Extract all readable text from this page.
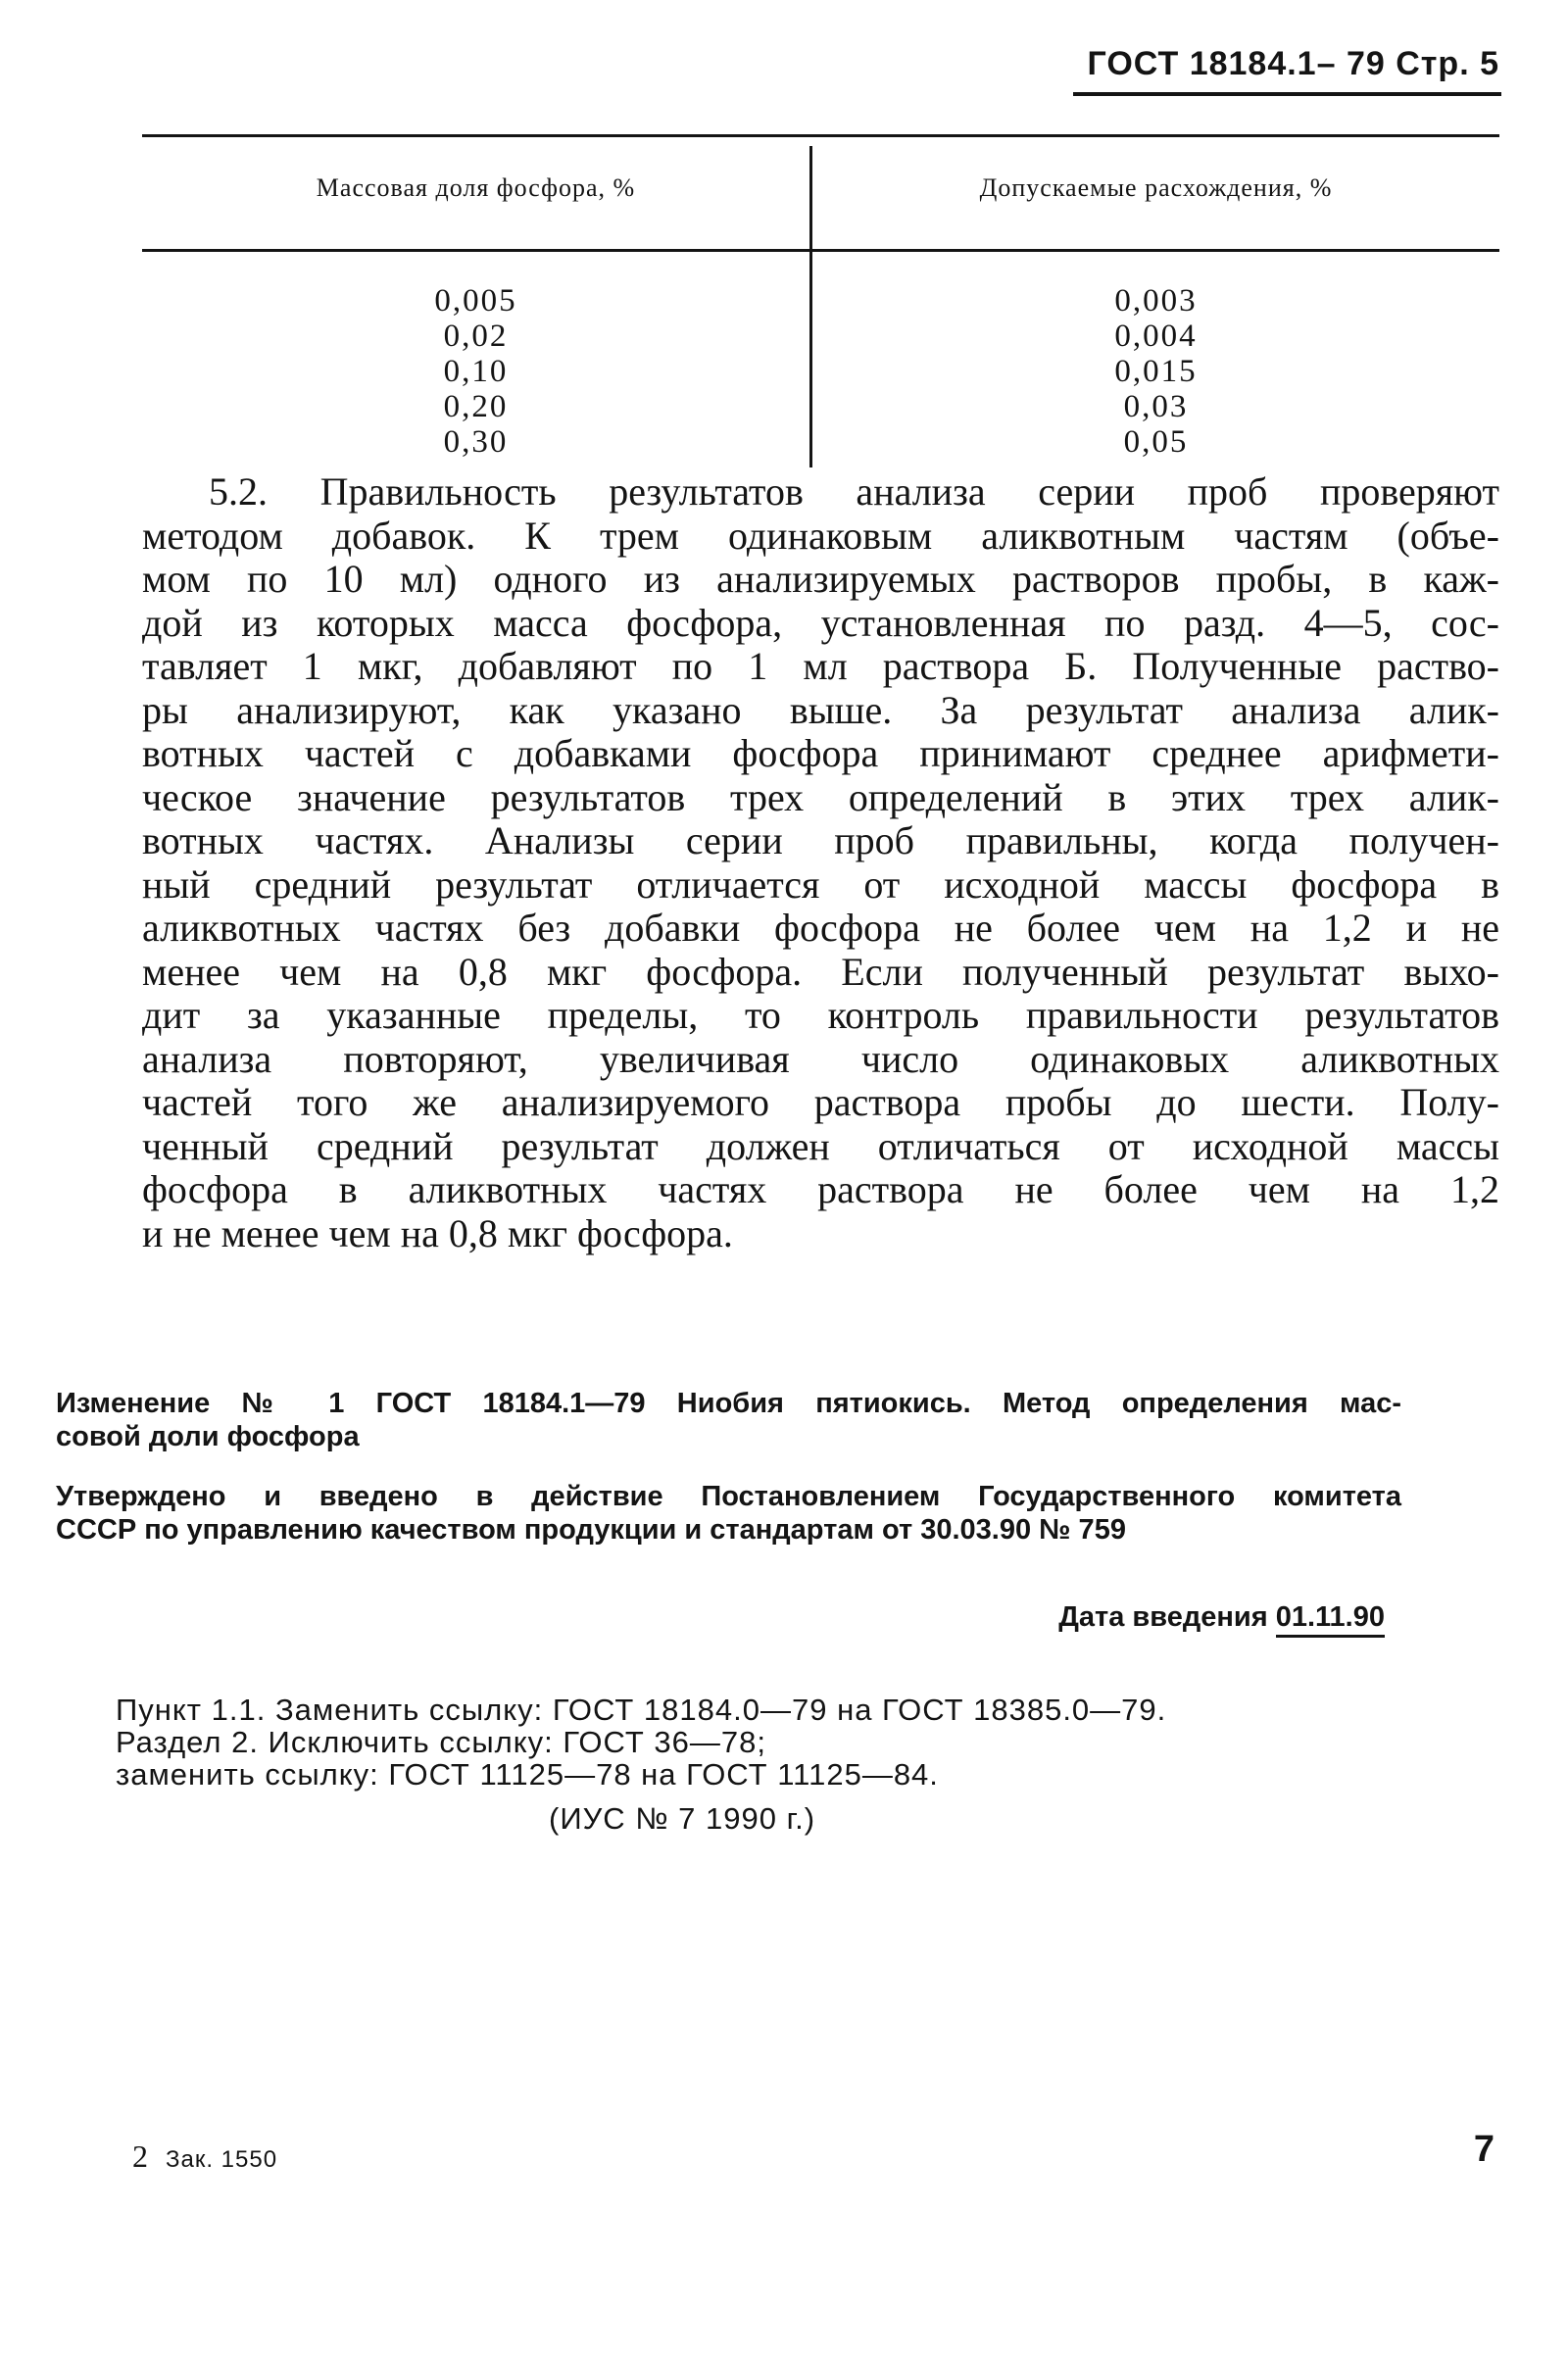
ГОСТ 18184.1– 79 Стр. 5
Массовая доля фосфора, %	Допускаемые расхождения, %
0,005
0,02
0,10
0,20
0,30
0,003
0,004
0,015
0,03
0,05
5.2. Правильность результатов анализа серии проб проверяют
методом добавок. К трем одинаковым аликвотным частям (объе-
мом по 10 мл) одного из анализируемых растворов пробы, в каж-
дой из которых масса фосфора, установленная по разд. 4—5, сос-
тавляет 1 мкг, добавляют по 1 мл раствора Б. Полученные раство-
ры анализируют, как указано выше. За результат анализа алик-
вотных частей с добавками фосфора принимают среднее арифмети-
ческое значение результатов трех определений в этих трех алик-
вотных частях. Анализы серии проб правильны, когда получен-
ный средний результат отличается от исходной массы фосфора в
аликвотных частях без добавки фосфора не более чем на 1,2 и не
менее чем на 0,8 мкг фосфора. Если полученный результат выхо-
дит за указанные пределы, то контроль правильности результатов
анализа повторяют, увеличивая число одинаковых аликвотных
частей того же анализируемого раствора пробы до шести. Полу-
ченный средний результат должен отличаться от исходной массы
фосфора в аликвотных частях раствора не более чем на 1,2
и не менее чем на 0,8 мкг фосфора.
Изменение № 1 ГОСТ 18184.1—79 Ниобия пятиокись. Метод определения мас-
совой доли фосфора
Утверждено и введено в действие Постановлением Государственного комитета
СССР по управлению качеством продукции и стандартам от 30.03.90 № 759
Дата введения 01.11.90
Пункт 1.1. Заменить ссылку: ГОСТ 18184.0—79 на ГОСТ 18385.0—79.
Раздел 2. Исключить ссылку: ГОСТ 36—78;
заменить ссылку: ГОСТ 11125—78 на ГОСТ 11125—84.
(ИУС № 7 1990 г.)
2 Зак. 1550	7
